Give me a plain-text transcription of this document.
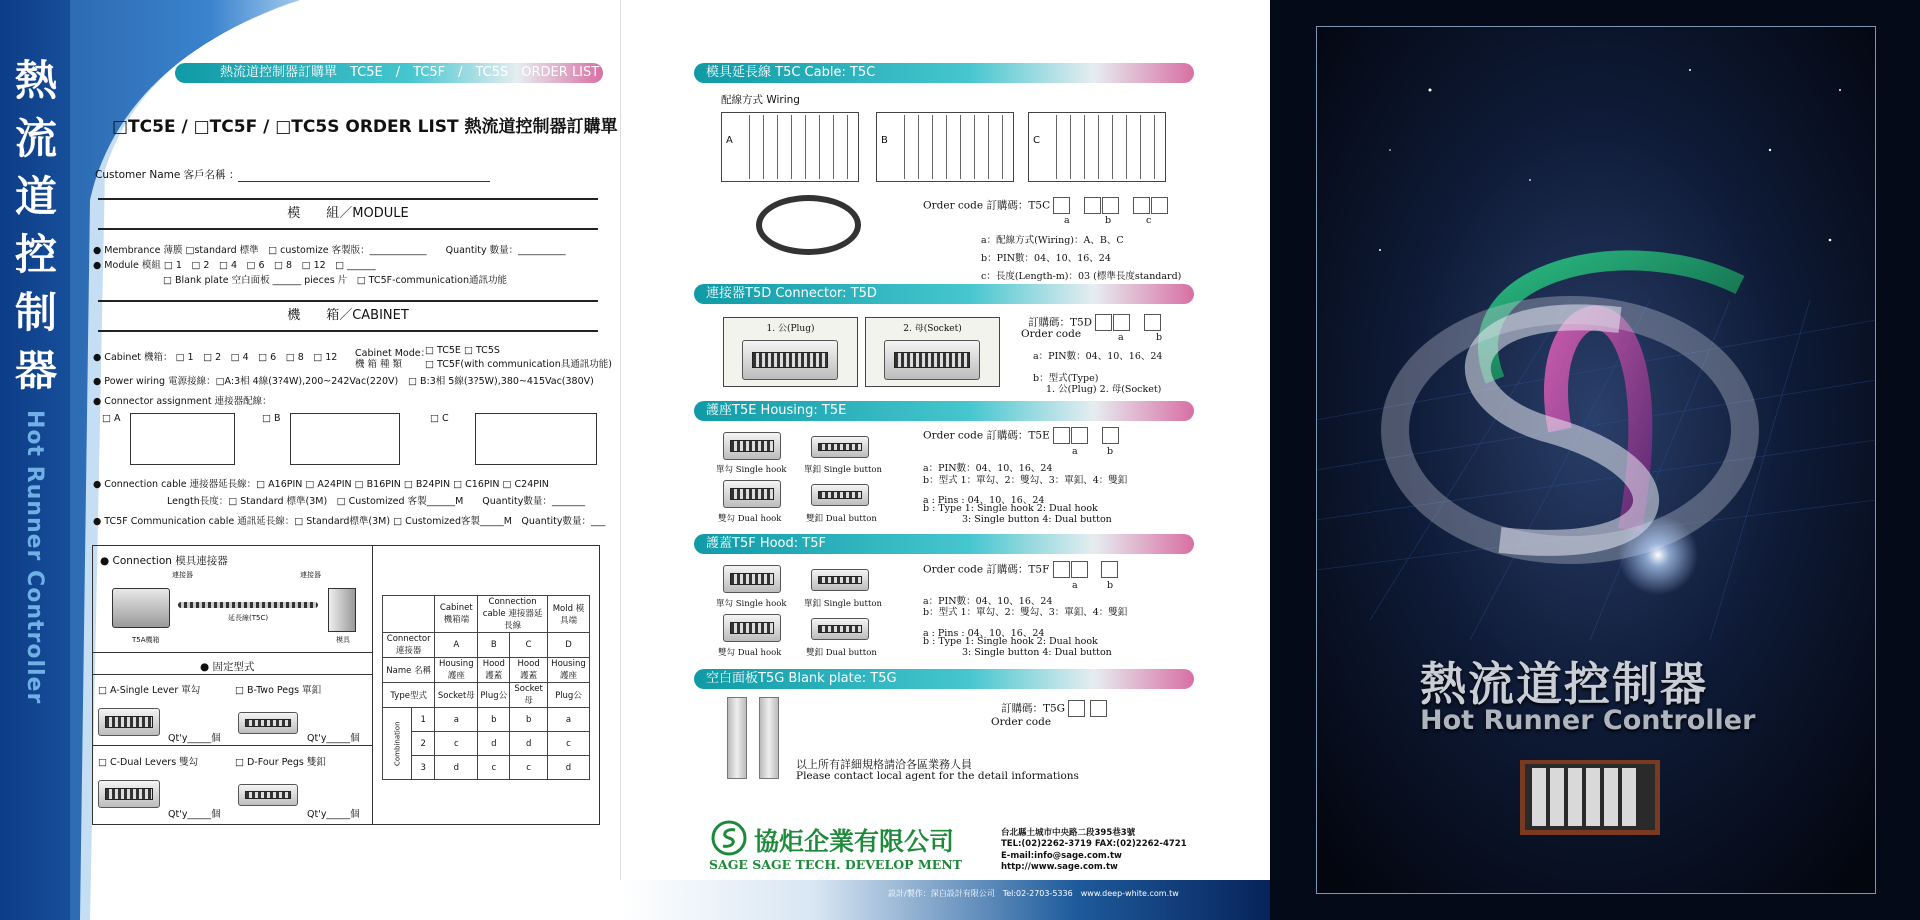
熱流道控制器
Hot Runner Controller
熱流道控制器訂購單　TC5E　/　TC5F　/　TC5S　ORDER LIST
□TC5E / □TC5F / □TC5S ORDER LIST 熱流道控制器訂購單
Customer Name 客戶名稱 ：
模　　組／MODULE
● Membrance 薄膜 □standard 標準　□ customize 客製版：____________　　Quantity 數量：__________
● Module 模組 □ 1　□ 2　□ 4　□ 6　□ 8　□ 12　□ ______
□ Blank plate 空白面板 ______ pieces 片　□ TC5F-communication通訊功能
機　　箱／CABINET
● Cabinet 機箱： □ 1　□ 2　□ 4　□ 6　□ 8　□ 12 Cabinet Mode：
機 箱 種 類
□ TC5E □ TC5S
□ TC5F(with communication具通訊功能)
● Power wiring 電源接線：□A:3相 4線(3?4W),200~242Vac(220V) □ B:3相 5線(3?5W),380~415Vac(380V)
● Connector assignment 連接器配線：
□ A	□ B	□ C
● Connection cable 連接器延長線：□ A16PIN □ A24PIN □ B16PIN □ B24PIN □ C16PIN □ C24PIN
Length長度：□ Standard 標準(3M)　□ Customized 客製______M　　Quantity數量：_______
● TC5F Communication cable 通訊延長線：□ Standard標準(3M) □ Customized客製_____M　Quantity數量：___
● Connection 模具連接器
連接器	連接器
延長線(T5C)
T5A機箱	模具
● 固定型式
□ A-Single Lever 單勾	□ B-Two Pegs 單釦
Qt'y_____個	Qt'y_____個
□ C-Dual Levers 雙勾	□ D-Four Pegs 雙釦
Qt'y_____個	Qt'y_____個
		Cabinet 機箱端	Connection cable 連接器延長線		Mold 模具端
Connector 連接器		A	B	C	D
Name 名稱		Housing 護座	Hood 護蓋	Hood 護蓋	Housing 護座
Type型式		Socket母	Plug公	Socket母	Plug公
Combination	1	a	b	b	a
	2	c	d	d	c
	3	d	c	c	d
模具延長線 T5C Cable: T5C
配線方式 Wiring
A	B	C
Order code 訂購碼：T5C
a	b	c
a：配線方式(Wiring)：A、B、C
b：PIN數：04、10、16、24
c：長度(Length-m)：03 (標準長度standard)
連接器T5D Connector: T5D
1. 公(Plug)	2. 母(Socket)
訂購碼：T5D
Order code	a	b
a：PIN數：04、10、16、24
b：型式(Type)
1. 公(Plug) 2. 母(Socket)
護座T5E Housing: T5E
單勾 Single hook 單釦 Single button
雙勾 Dual hook	雙釦 Dual button
Order code 訂購碼：T5E
a	b
a：PIN數：04、10、16、24
b：型式 1：單勾、2：雙勾、3：單釦、4：雙釦
a : Pins : 04、10、16、24
b : Type 1: Single hook 2: Dual hook
3: Single button 4: Dual button
護蓋T5F Hood: T5F
單勾 Single hook 單釦 Single button
雙勾 Dual hook	雙釦 Dual button
Order code 訂購碼：T5F
a	b
a：PIN數：04、10、16、24
b：型式 1：單勾、2：雙勾、3：單釦、4：雙釦
a : Pins : 04、10、16、24
b : Type 1: Single hook 2: Dual hook
3: Single button 4: Dual button
空白面板T5G Blank plate: T5G
訂購碼：T5G
Order code
以上所有詳細規格請洽各區業務人員
Please contact local agent for the detail informations
協炬企業有限公司
SAGE SAGE TECH. DEVELOP MENT
台北縣土城市中央路二段395巷3號
TEL:(02)2262-3719 FAX:(02)2262-4721
E-mail:info@sage.com.tw
http://www.sage.com.tw
設計/製作：深白設計有限公司　Tel:02-2703-5336　www.deep-white.com.tw
熱流道控制器
Hot Runner Controller
